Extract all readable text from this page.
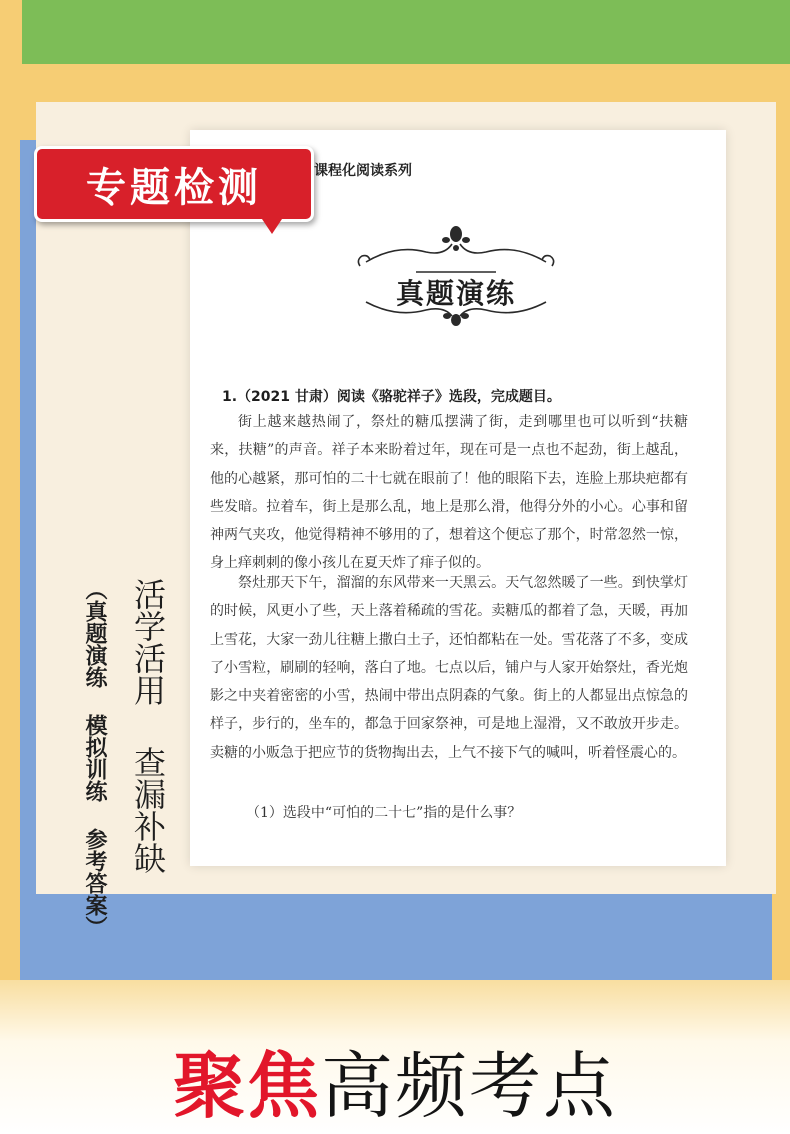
课程化阅读系列
真题演练
1.（2021 甘肃）阅读《骆驼祥子》选段，完成题目。
街上越来越热闹了，祭灶的糖瓜摆满了街，走到哪里也可以听到“扶糖来，扶糖”的声音。祥子本来盼着过年，现在可是一点也不起劲，街上越乱，他的心越紧，那可怕的二十七就在眼前了！他的眼陷下去，连脸上那块疤都有些发暗。拉着车，街上是那么乱，地上是那么滑，他得分外的小心。心事和留神两气夹攻，他觉得精神不够用的了，想着这个便忘了那个，时常忽然一惊，身上痒刺刺的像小孩儿在夏天炸了痱子似的。
祭灶那天下午，溜溜的东风带来一天黑云。天气忽然暖了一些。到快掌灯的时候，风更小了些，天上落着稀疏的雪花。卖糖瓜的都着了急，天暖，再加上雪花，大家一劲儿往糖上撒白土子，还怕都粘在一处。雪花落了不多，变成了小雪粒，刷刷的轻响，落白了地。七点以后，铺户与人家开始祭灶，香光炮影之中夹着密密的小雪，热闹中带出点阴森的气象。街上的人都显出点惊急的样子，步行的，坐车的，都急于回家祭神，可是地上湿滑，又不敢放开步走。卖糖的小贩急于把应节的货物掏出去，上气不接下气的喊叫，听着怪震心的。
（1）选段中“可怕的二十七”指的是什么事？
专题检测
（真题演练 模拟训练 参考答案） 活学活用
查漏补缺
聚焦高频考点
